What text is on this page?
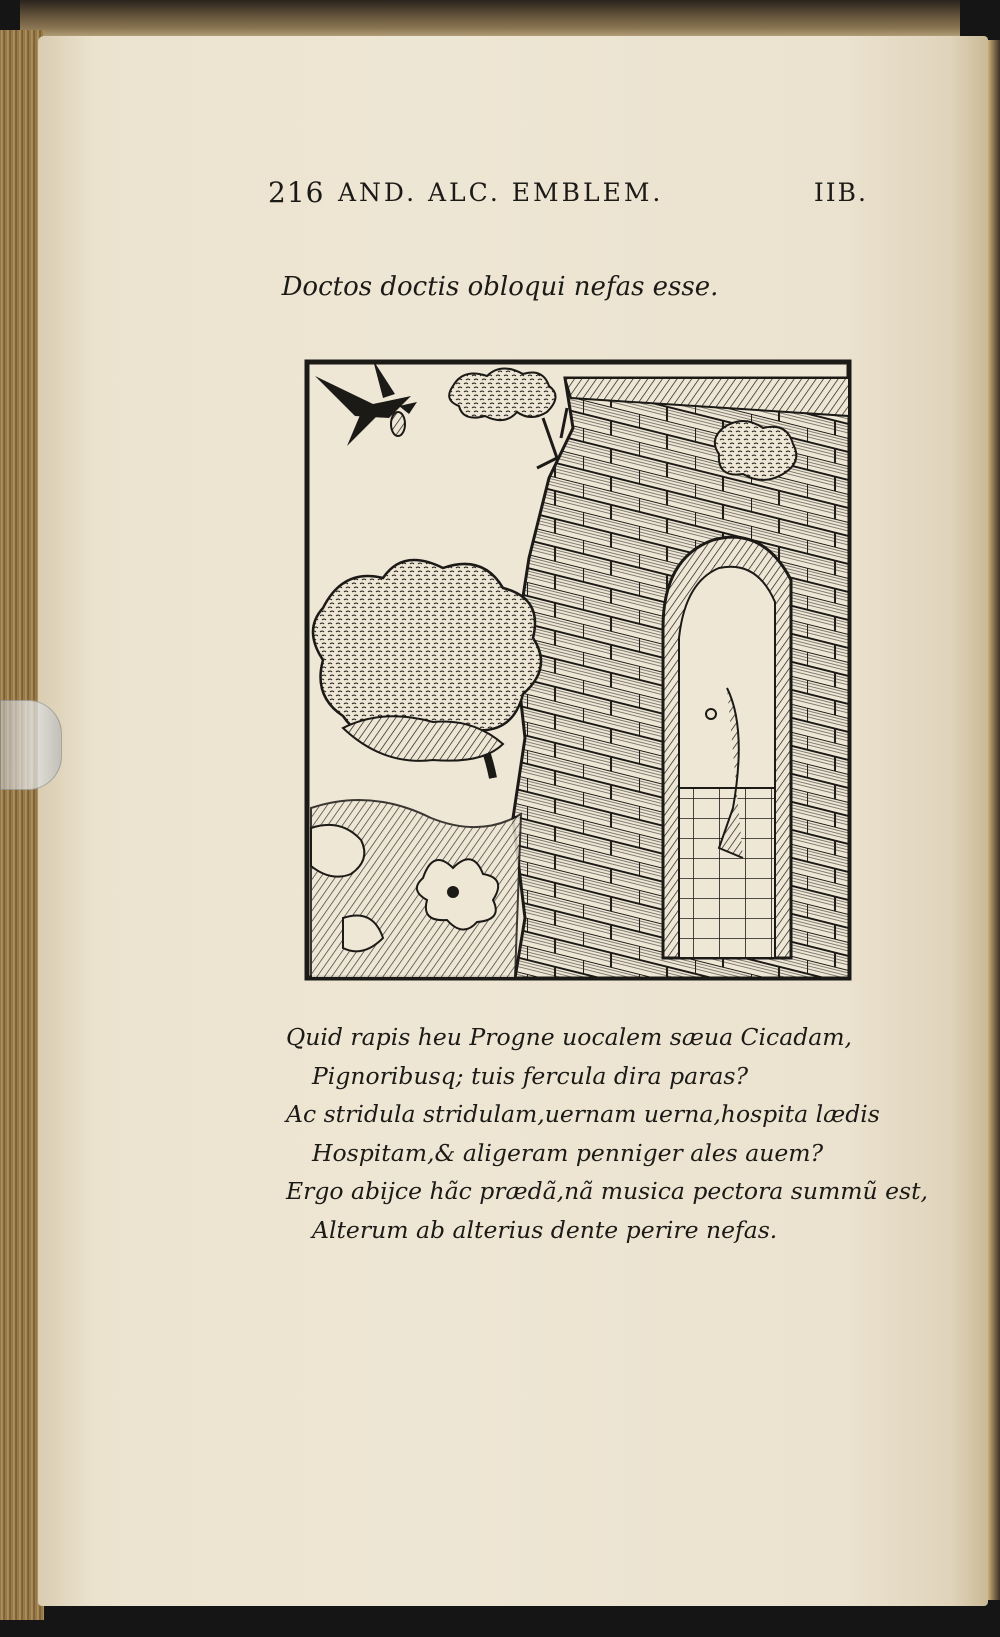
216 AND. ALC. EMBLEM.	IIB.
Doctos doctis obloqui nefas esse.
Quid rapis heu Progne uocalem sæua Cicadam,
Pignoribusq; tuis fercula dira paras?
Ac stridula stridulam,uernam uerna,hospita lædis
Hospitam,& aligeram penniger ales auem?
Ergo abijce hãc prædã,nã musica pectora summũ est,
Alterum ab alterius dente perire nefas.
